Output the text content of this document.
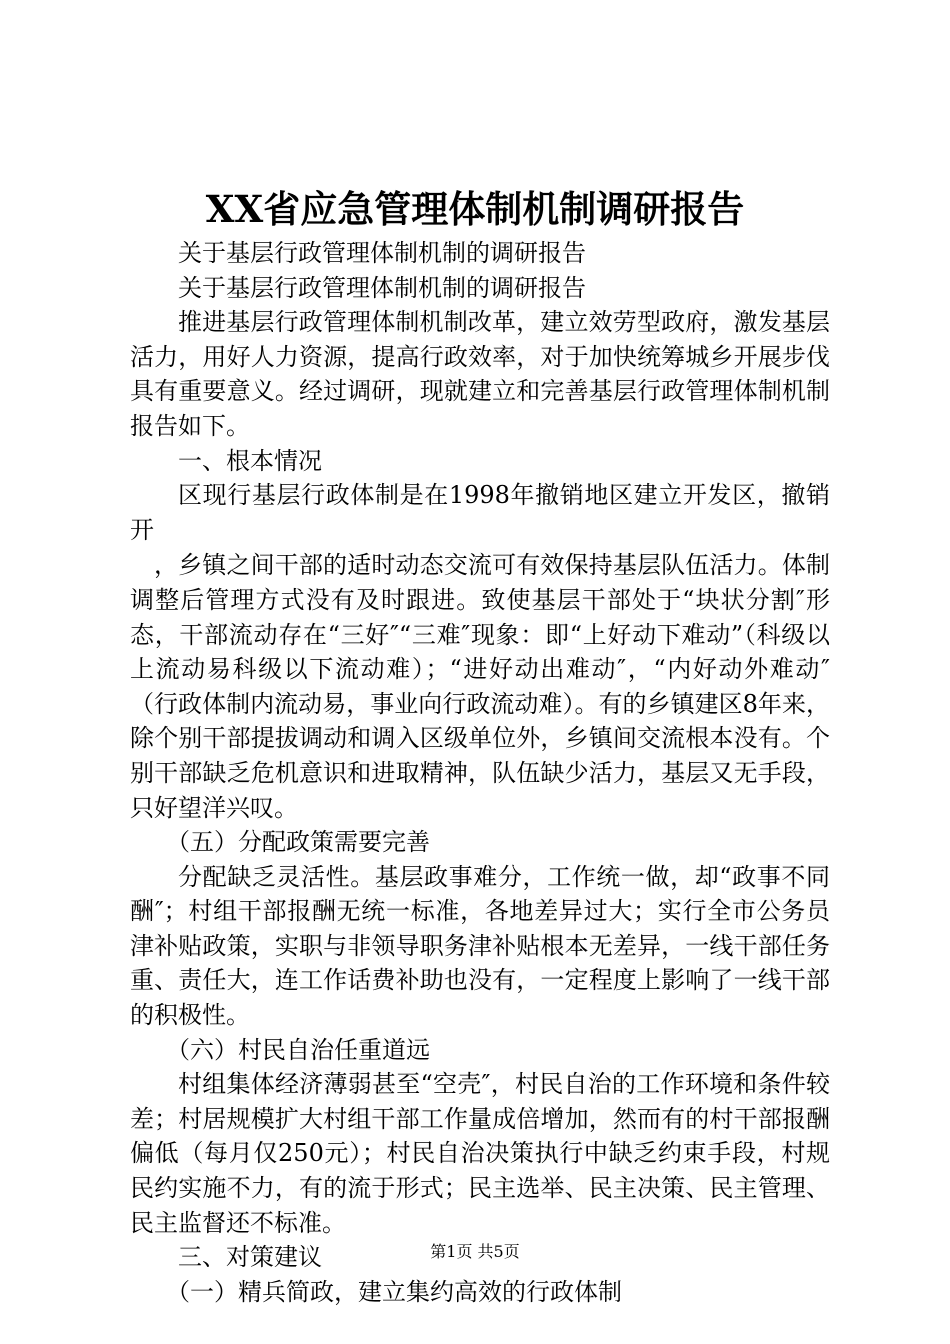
XX省应急管理体制机制调研报告

关于基层行政管理体制机制的调研报告

关于基层行政管理体制机制的调研报告

推进基层行政管理体制机制改革，建立效劳型政府，激发基层活力，用好人力资源，提高行政效率，对于加快统筹城乡开展步伐具有重要意义。经过调研，现就建立和完善基层行政管理体制机制报告如下。

一、根本情况

区现行基层行政体制是在1998年撤销地区建立开发区，撤销开

，乡镇之间干部的适时动态交流可有效保持基层队伍活力。体制调整后管理方式没有及时跟进。致使基层干部处于“块状分割″形态，干部流动存在“三好″“三难″现象：即“上好动下难动”（科级以上流动易科级以下流动难）；“进好动出难动″，“内好动外难动″（行政体制内流动易，事业向行政流动难）。有的乡镇建区8年来，除个别干部提拔调动和调入区级单位外，乡镇间交流根本没有。个别干部缺乏危机意识和进取精神，队伍缺少活力，基层又无手段，只好望洋兴叹。

（五）分配政策需要完善

分配缺乏灵活性。基层政事难分，工作统一做，却“政事不同酬″；村组干部报酬无统一标准，各地差异过大；实行全市公务员津补贴政策，实职与非领导职务津补贴根本无差异，一线干部任务重、责任大，连工作话费补助也没有，一定程度上影响了一线干部的积极性。

（六）村民自治任重道远

村组集体经济薄弱甚至“空壳″，村民自治的工作环境和条件较差；村居规模扩大村组干部工作量成倍增加，然而有的村干部报酬偏低（每月仅250元）；村民自治决策执行中缺乏约束手段，村规民约实施不力，有的流于形式；民主选举、民主决策、民主管理、民主监督还不标准。

三、对策建议

（一）精兵简政，建立集约高效的行政体制

第1页 共5页
